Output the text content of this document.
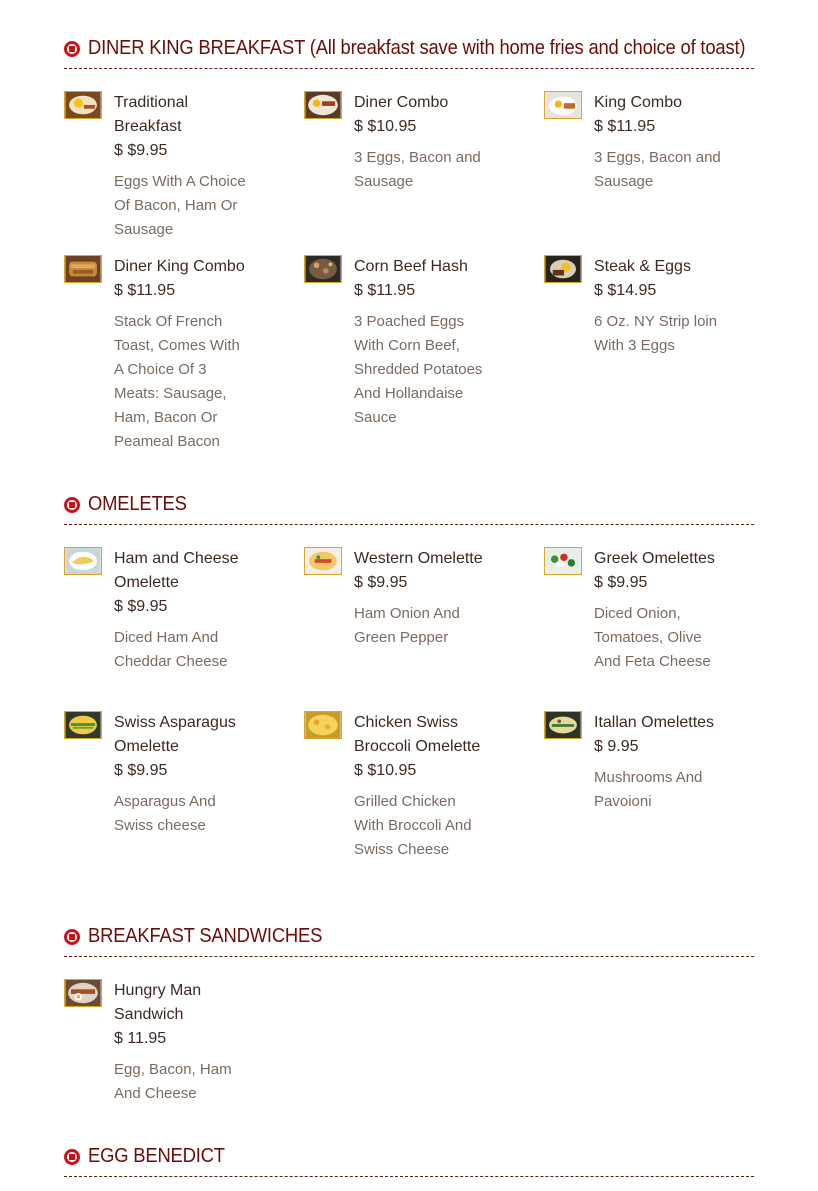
DINER KING BREAKFAST (All breakfast save with home fries and choice of toast)
Traditional Breakfast
$ $9.95
Eggs With A Choice Of Bacon, Ham Or Sausage
Diner Combo
$ $10.95
3 Eggs, Bacon and Sausage
King Combo
$ $11.95
3 Eggs, Bacon and Sausage
Diner King Combo
$ $11.95
Stack Of French Toast, Comes With A Choice Of 3 Meats: Sausage, Ham, Bacon Or Peameal Bacon
Corn Beef Hash
$ $11.95
3 Poached Eggs With Corn Beef, Shredded Potatoes And Hollandaise Sauce
Steak & Eggs
$ $14.95
6 Oz. NY Strip loin With 3 Eggs
OMELETES
Ham and Cheese Omelette
$ $9.95
Diced Ham And Cheddar Cheese
Western Omelette
$ $9.95
Ham Onion And Green Pepper
Greek Omelettes
$ $9.95
Diced Onion, Tomatoes, Olive And Feta Cheese
Swiss Asparagus Omelette
$ $9.95
Asparagus And Swiss cheese
Chicken Swiss Broccoli Omelette
$ $10.95
Grilled Chicken With Broccoli And Swiss Cheese
Itallan Omelettes
$ 9.95
Mushrooms And Pavoioni
BREAKFAST SANDWICHES
Hungry Man Sandwich
$ 11.95
Egg, Bacon, Ham And Cheese
EGG BENEDICT
